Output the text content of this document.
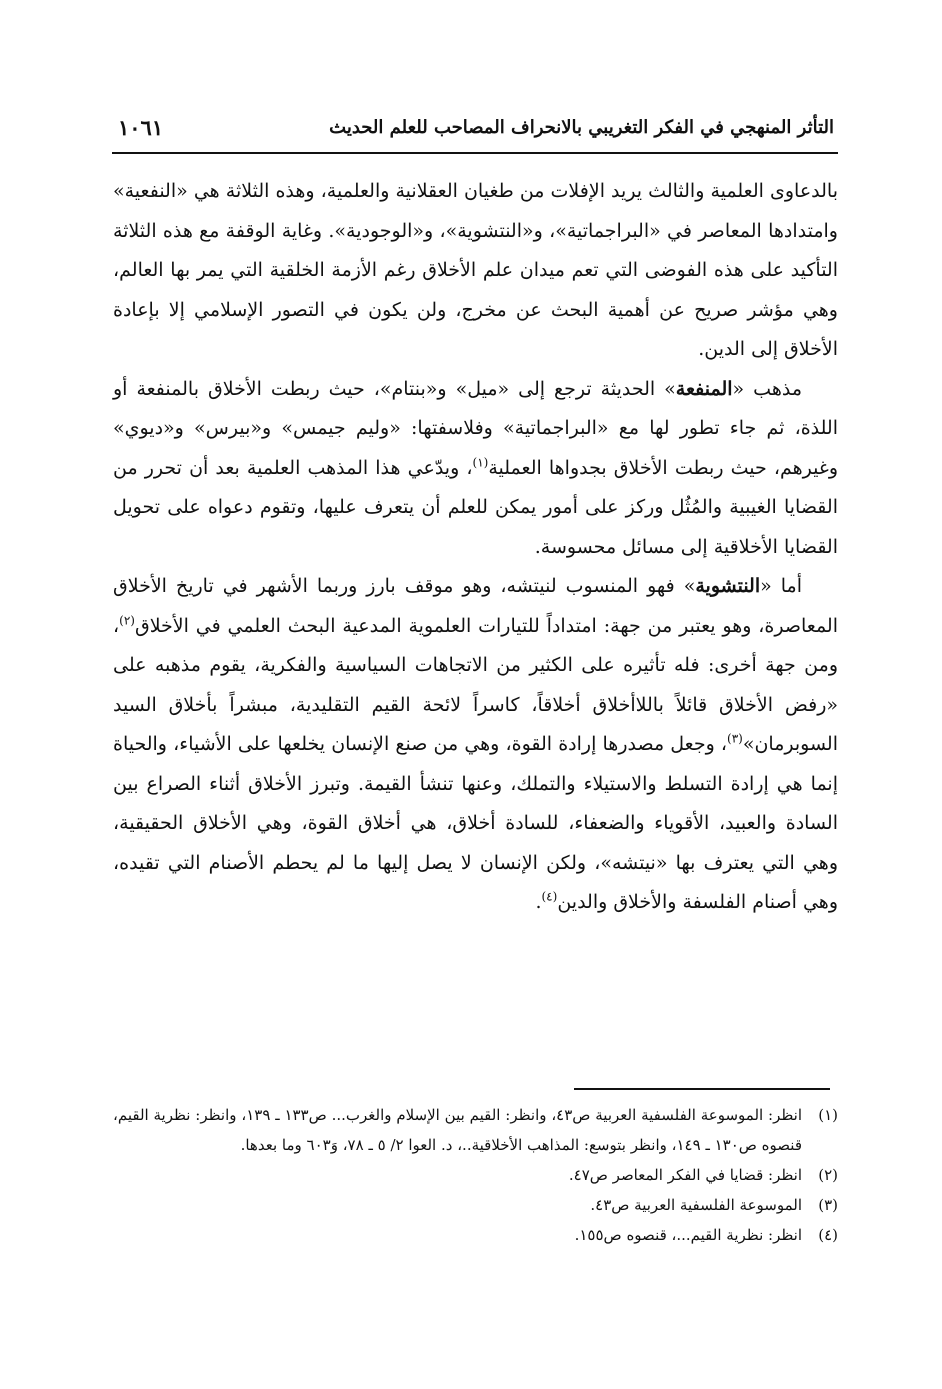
التأثر المنهجي في الفكر التغريبي بالانحراف المصاحب للعلم الحديث
١٠٦١

بالدعاوى العلمية والثالث يريد الإفلات من طغيان العقلانية والعلمية، وهذه الثلاثة هي «النفعية» وامتدادها المعاصر في «البراجماتية»، و«النتشوية»، و«الوجودية». وغاية الوقفة مع هذه الثلاثة التأكيد على هذه الفوضى التي تعم ميدان علم الأخلاق رغم الأزمة الخلقية التي يمر بها العالم، وهي مؤشر صريح عن أهمية البحث عن مخرج، ولن يكون في التصور الإسلامي إلا بإعادة الأخلاق إلى الدين.

مذهب «المنفعة» الحديثة ترجع إلى «ميل» و«بنتام»، حيث ربطت الأخلاق بالمنفعة أو اللذة، ثم جاء تطور لها مع «البراجماتية» وفلاسفتها: «وليم جيمس» و«بيرس» و«ديوي» وغيرهم، حيث ربطت الأخلاق بجدواها العملية$^{(١)}$، ويدّعي هذا المذهب العلمية بعد أن تحرر من القضايا الغيبية والمُثُل وركز على أمور يمكن للعلم أن يتعرف عليها، وتقوم دعواه على تحويل القضايا الأخلاقية إلى مسائل محسوسة.

أما «النتشوية» فهو المنسوب لنيتشه، وهو موقف بارز وربما الأشهر في تاريخ الأخلاق المعاصرة، وهو يعتبر من جهة: امتداداً للتيارات العلموية المدعية البحث العلمي في الأخلاق$^{(٢)}$، ومن جهة أخرى: فله تأثيره على الكثير من الاتجاهات السياسية والفكرية، يقوم مذهبه على «رفض الأخلاق قائلاً باللاأخلاق أخلاقاً، كاسراً لائحة القيم التقليدية، مبشراً بأخلاق السيد السوبرمان»$^{(٣)}$، وجعل مصدرها إرادة القوة، وهي من صنع الإنسان يخلعها على الأشياء، والحياة إنما هي إرادة التسلط والاستيلاء والتملك، وعنها تنشأ القيمة. وتبرز الأخلاق أثناء الصراع بين السادة والعبيد، الأقوياء والضعفاء، للسادة أخلاق، هي أخلاق القوة، وهي الأخلاق الحقيقية، وهي التي يعترف بها «نيتشه»، ولكن الإنسان لا يصل إليها ما لم يحطم الأصنام التي تقيده، وهي أصنام الفلسفة والأخلاق والدين$^{(٤)}$.

(١)
انظر: الموسوعة الفلسفية العربية ص٤٣، وانظر: القيم بين الإسلام والغرب... ص١٣٣ ـ ١٣٩، وانظر: نظرية القيم، قنصوه ص١٣٠ ـ ١٤٩، وانظر بتوسع: المذاهب الأخلاقية..، د. العوا ٢/ ٥ ـ ٧٨، وَ٦٠٣ وما بعدها.
(٢)
انظر: قضايا في الفكر المعاصر ص٤٧.
(٣)
الموسوعة الفلسفية العربية ص٤٣.
(٤)
انظر: نظرية القيم...، قنصوه ص١٥٥.
